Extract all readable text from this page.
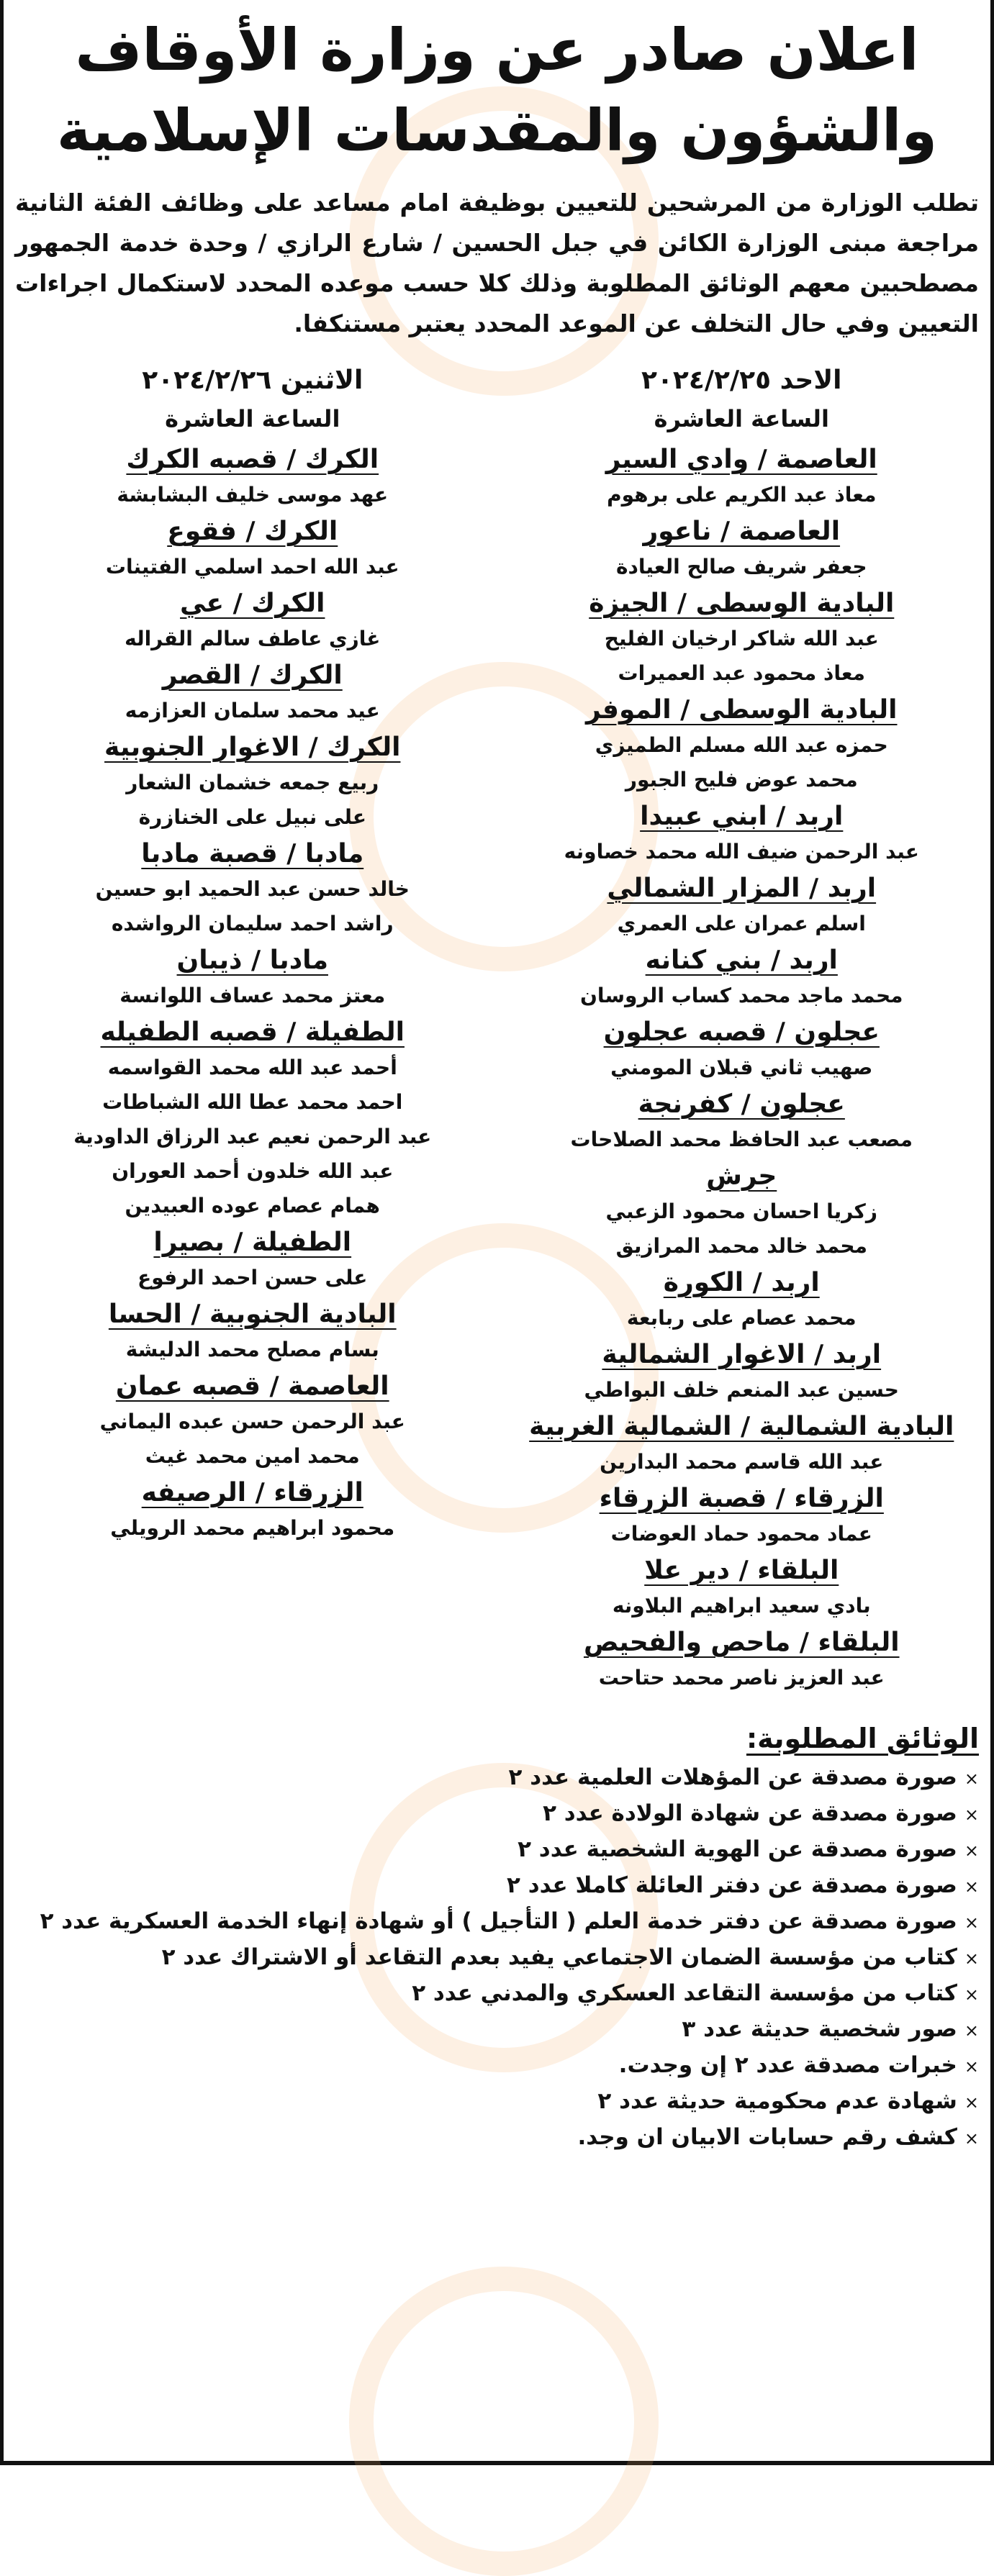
اعلان صادر عن وزارة الأوقاف
والشؤون والمقدسات الإسلامية
تطلب الوزارة من المرشحين للتعيين بوظيفة امام مساعد على وظائف الفئة الثانية مراجعة مبنى الوزارة الكائن في جبل الحسين / شارع الرازي / وحدة خدمة الجمهور مصطحبين معهم الوثائق المطلوبة وذلك كلا حسب موعده المحدد لاستكمال اجراءات التعيين وفي حال التخلف عن الموعد المحدد يعتبر مستنكفا.
الاحد ٢٠٢٤/٢/٢٥
الساعة العاشرة
العاصمة / وادي السير
معاذ عبد الكريم على برهوم
العاصمة / ناعور
جعفر شريف صالح العيادة
البادية الوسطى / الجيزة
عبد الله شاكر ارخيان الفليح
معاذ محمود عبد العميرات
البادية الوسطى / الموفر
حمزه عبد الله مسلم الطميزي
محمد عوض فليح الجبور
اربد / ابني عبيدا
عبد الرحمن ضيف الله محمد خصاونه
اربد / المزار الشمالي
اسلم عمران على العمري
اربد / بني كنانه
محمد ماجد محمد كساب الروسان
عجلون / قصبه عجلون
صهيب ثاني قبلان المومني
عجلون / كفرنجة
مصعب عبد الحافظ محمد الصلاحات
جرش
زكريا احسان محمود الزعبي
محمد خالد محمد المرازيق
اربد / الكورة
محمد عصام على ربابعة
اربد / الاغوار الشمالية
حسين عبد المنعم خلف البواطي
البادية الشمالية / الشمالية الغربية
عبد الله قاسم محمد البدارين
الزرقاء / قصبة الزرقاء
عماد محمود حماد العوضات
البلقاء / دير علا
بادي سعيد ابراهيم البلاونه
البلقاء / ماحص والفحيص
عبد العزيز ناصر محمد حتاحت
الاثنين ٢٠٢٤/٢/٢٦
الساعة العاشرة
الكرك / قصبه الكرك
عهد موسى خليف البشابشة
الكرك / فقوع
عبد الله احمد اسلمي الفتينات
الكرك / عي
غازي عاطف سالم القراله
الكرك / القصر
عيد محمد سلمان العزازمه
الكرك / الاغوار الجنوبية
ربيع جمعه خشمان الشعار
على نبيل على الخنازرة
مادبا / قصبة مادبا
خالد حسن عبد الحميد ابو حسين
راشد احمد سليمان الرواشده
مادبا / ذيبان
معتز محمد عساف اللوانسة
الطفيلة / قصبه الطفيله
أحمد عبد الله محمد القواسمه
احمد محمد عطا الله الشباطات
عبد الرحمن نعيم عبد الرزاق الداودية
عبد الله خلدون أحمد العوران
همام عصام عوده العبيدين
الطفيلة / بصيرا
على حسن احمد الرفوع
البادية الجنوبية / الحسا
بسام مصلح محمد الدليشة
العاصمة / قصبه عمان
عبد الرحمن حسن عبده اليماني
محمد امين محمد غيث
الزرقاء / الرصيفه
محمود ابراهيم محمد الرويلي
الوثائق المطلوبة:
×صورة مصدقة عن المؤهلات العلمية عدد ٢
×صورة مصدقة عن شهادة الولادة عدد ٢
×صورة مصدقة عن الهوية الشخصية عدد ٢
×صورة مصدقة عن دفتر العائلة كاملا عدد ٢
×صورة مصدقة عن دفتر خدمة العلم ( التأجيل ) أو شهادة إنهاء الخدمة العسكرية عدد ٢
×كتاب من مؤسسة الضمان الاجتماعي يفيد بعدم التقاعد أو الاشتراك عدد ٢
×كتاب من مؤسسة التقاعد العسكري والمدني عدد ٢
×صور شخصية حديثة عدد ٣
×خبرات مصدقة عدد ٢ إن وجدت.
×شهادة عدم محكومية حديثة عدد ٢
×كشف رقم حسابات الابيان ان وجد.
